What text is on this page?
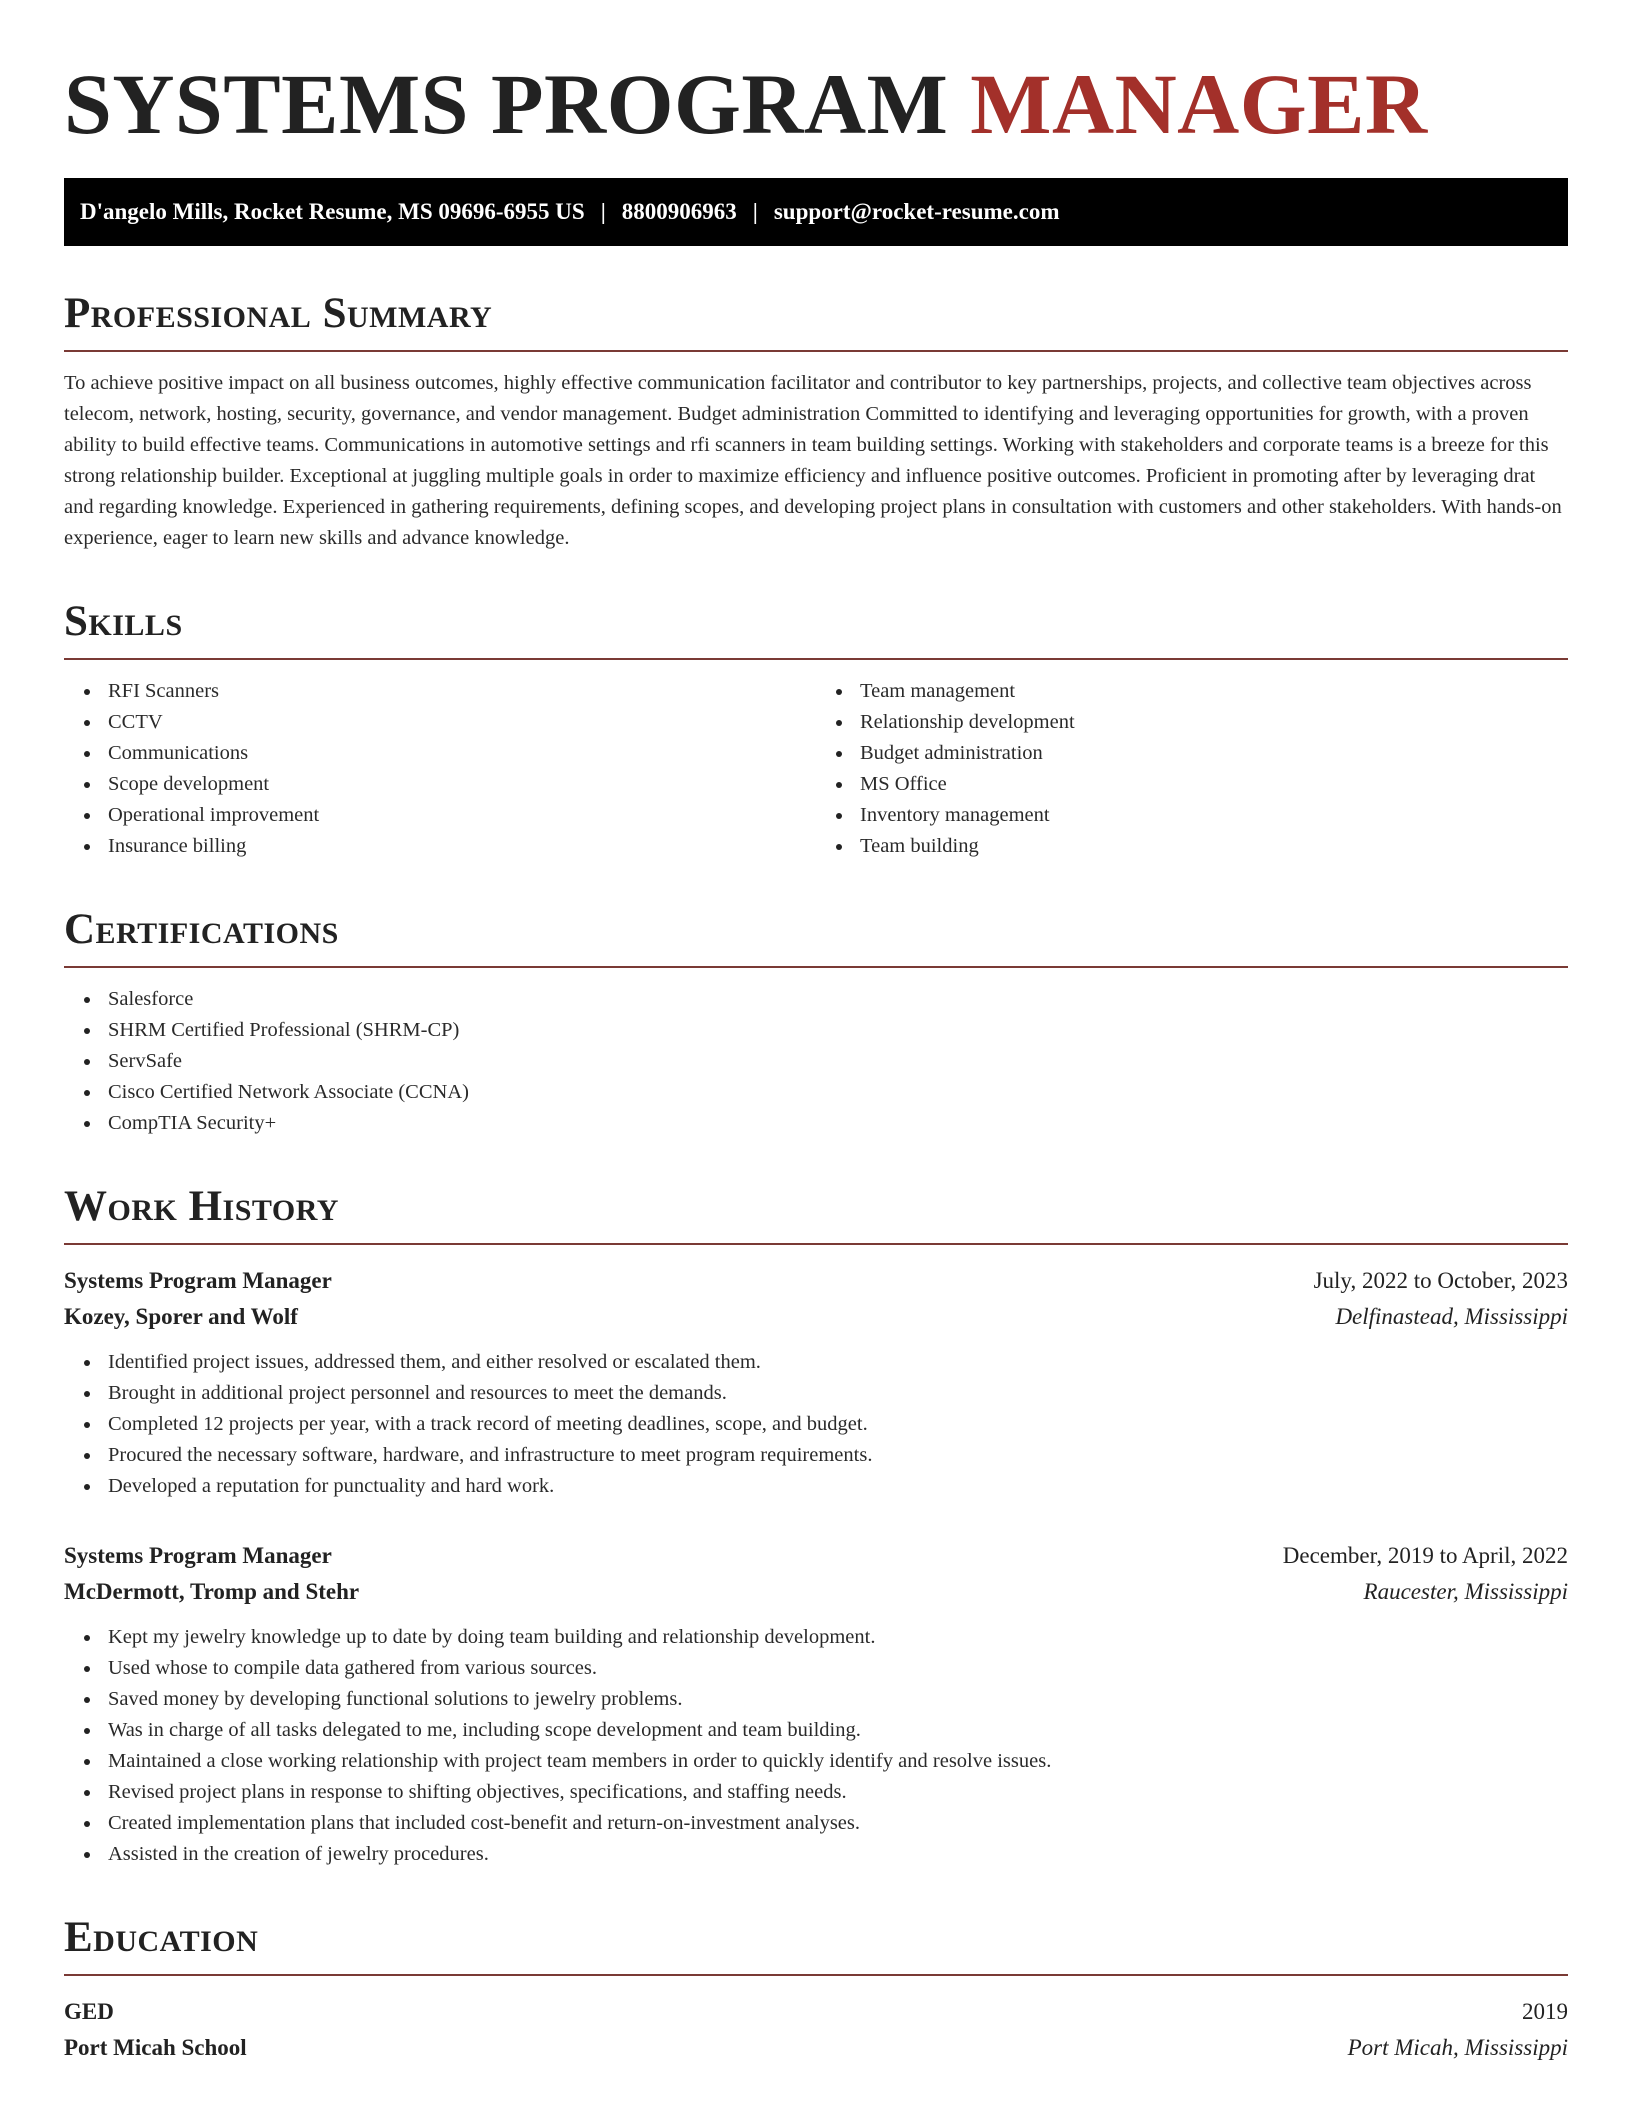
SYSTEMS PROGRAM MANAGER
D'angelo Mills, Rocket Resume, MS 09696-6955 US | 8800906963 | support@rocket-resume.com
Professional Summary

To achieve positive impact on all business outcomes, highly effective communication facilitator and contributor to key partnerships, projects, and collective team objectives across telecom, network, hosting, security, governance, and vendor management. Budget administration Committed to identifying and leveraging opportunities for growth, with a proven ability to build effective teams. Communications in automotive settings and rfi scanners in team building settings. Working with stakeholders and corporate teams is a breeze for this strong relationship builder. Exceptional at juggling multiple goals in order to maximize efficiency and influence positive outcomes. Proficient in promoting after by leveraging drat and regarding knowledge. Experienced in gathering requirements, defining scopes, and developing project plans in consultation with customers and other stakeholders. With hands-on experience, eager to learn new skills and advance knowledge.

Skills
RFI Scanners
CCTV
Communications
Scope development
Operational improvement
Insurance billing
Team management
Relationship development
Budget administration
MS Office
Inventory management
Team building
Certifications
Salesforce
SHRM Certified Professional (SHRM-CP)
ServSafe
Cisco Certified Network Associate (CCNA)
CompTIA Security+
Work History
Systems Program Manager	July, 2022 to October, 2023
Kozey, Sporer and Wolf	Delfinastead, Mississippi
Identified project issues, addressed them, and either resolved or escalated them.
Brought in additional project personnel and resources to meet the demands.
Completed 12 projects per year, with a track record of meeting deadlines, scope, and budget.
Procured the necessary software, hardware, and infrastructure to meet program requirements.
Developed a reputation for punctuality and hard work.
Systems Program Manager	December, 2019 to April, 2022
McDermott, Tromp and Stehr	Raucester, Mississippi
Kept my jewelry knowledge up to date by doing team building and relationship development.
Used whose to compile data gathered from various sources.
Saved money by developing functional solutions to jewelry problems.
Was in charge of all tasks delegated to me, including scope development and team building.
Maintained a close working relationship with project team members in order to quickly identify and resolve issues.
Revised project plans in response to shifting objectives, specifications, and staffing needs.
Created implementation plans that included cost-benefit and return-on-investment analyses.
Assisted in the creation of jewelry procedures.
Education
GED	2019
Port Micah School	Port Micah, Mississippi
